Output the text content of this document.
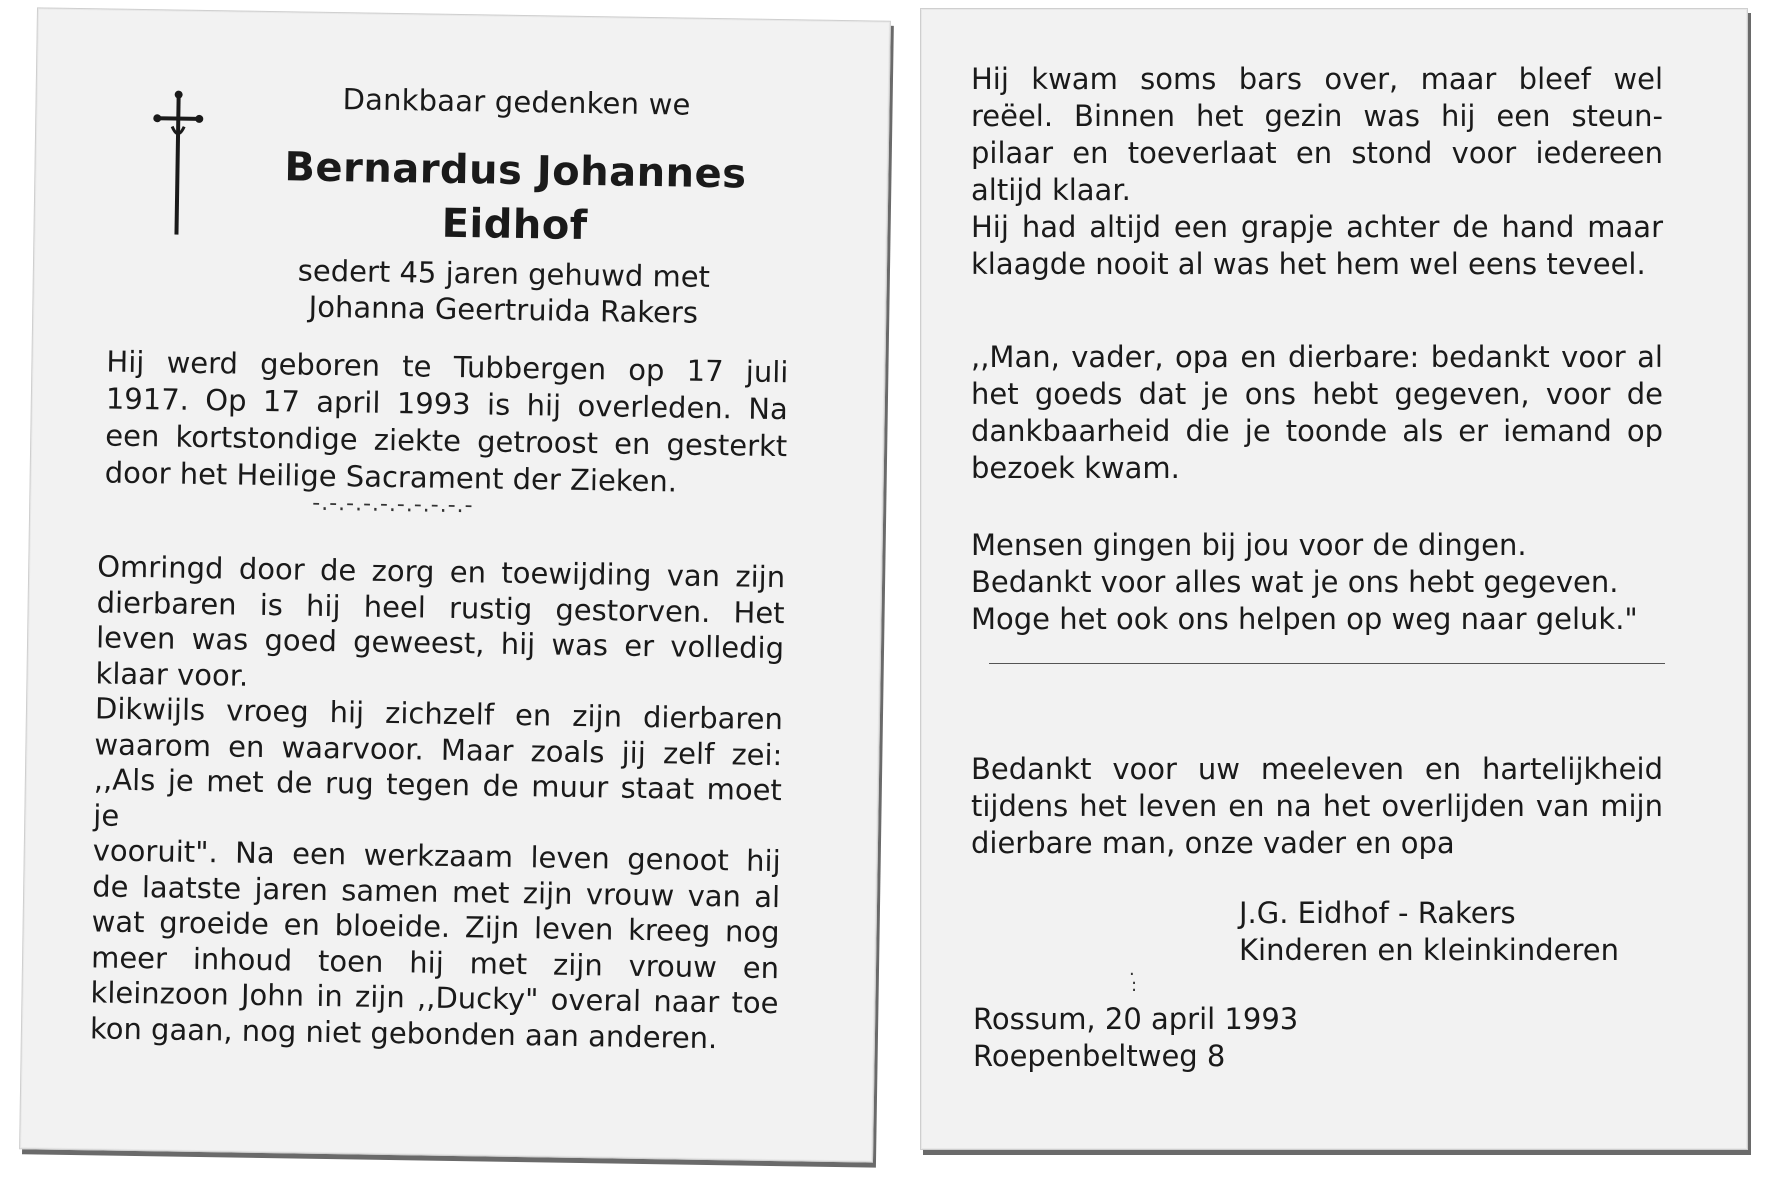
Dankbaar gedenken we

Bernardus Johannes
Eidhof
sedert 45 jaren gehuwd met
Johanna Geertruida Rakers

Hij werd geboren te Tubbergen op 17 juli

1917. Op 17 april 1993 is hij overleden. Na

een kortstondige ziekte getroost en gesterkt

door het Heilige Sacrament der Zieken.

-.-.-.-.-.-.-.-.-.-

Omringd door de zorg en toewijding van zijn

dierbaren is hij heel rustig gestorven. Het

leven was goed geweest, hij was er volledig

klaar voor.

Dikwijls vroeg hij zichzelf en zijn dierbaren

waarom en waarvoor. Maar zoals jij zelf zei:

,,Als je met de rug tegen de muur staat moet je

vooruit". Na een werkzaam leven genoot hij

de laatste jaren samen met zijn vrouw van al

wat groeide en bloeide. Zijn leven kreeg nog

meer inhoud toen hij met zijn vrouw en

kleinzoon John in zijn ,,Ducky" overal naar toe

kon gaan, nog niet gebonden aan anderen.

Hij kwam soms bars over, maar bleef wel

reëel. Binnen het gezin was hij een steun-

pilaar en toeverlaat en stond voor iedereen

altijd klaar.

Hij had altijd een grapje achter de hand maar

klaagde nooit al was het hem wel eens teveel.

,,Man, vader, opa en dierbare: bedankt voor al

het goeds dat je ons hebt gegeven, voor de

dankbaarheid die je toonde als er iemand op

bezoek kwam.

Mensen gingen bij jou voor de dingen.

Bedankt voor alles wat je ons hebt gegeven.

Moge het ook ons helpen op weg naar geluk."

Bedankt voor uw meeleven en hartelijkheid

tijdens het leven en na het overlijden van mijn

dierbare man, onze vader en opa

J.G. Eidhof - Rakers

Kinderen en kleinkinderen

.
:

Rossum, 20 april 1993

Roepenbeltweg 8
